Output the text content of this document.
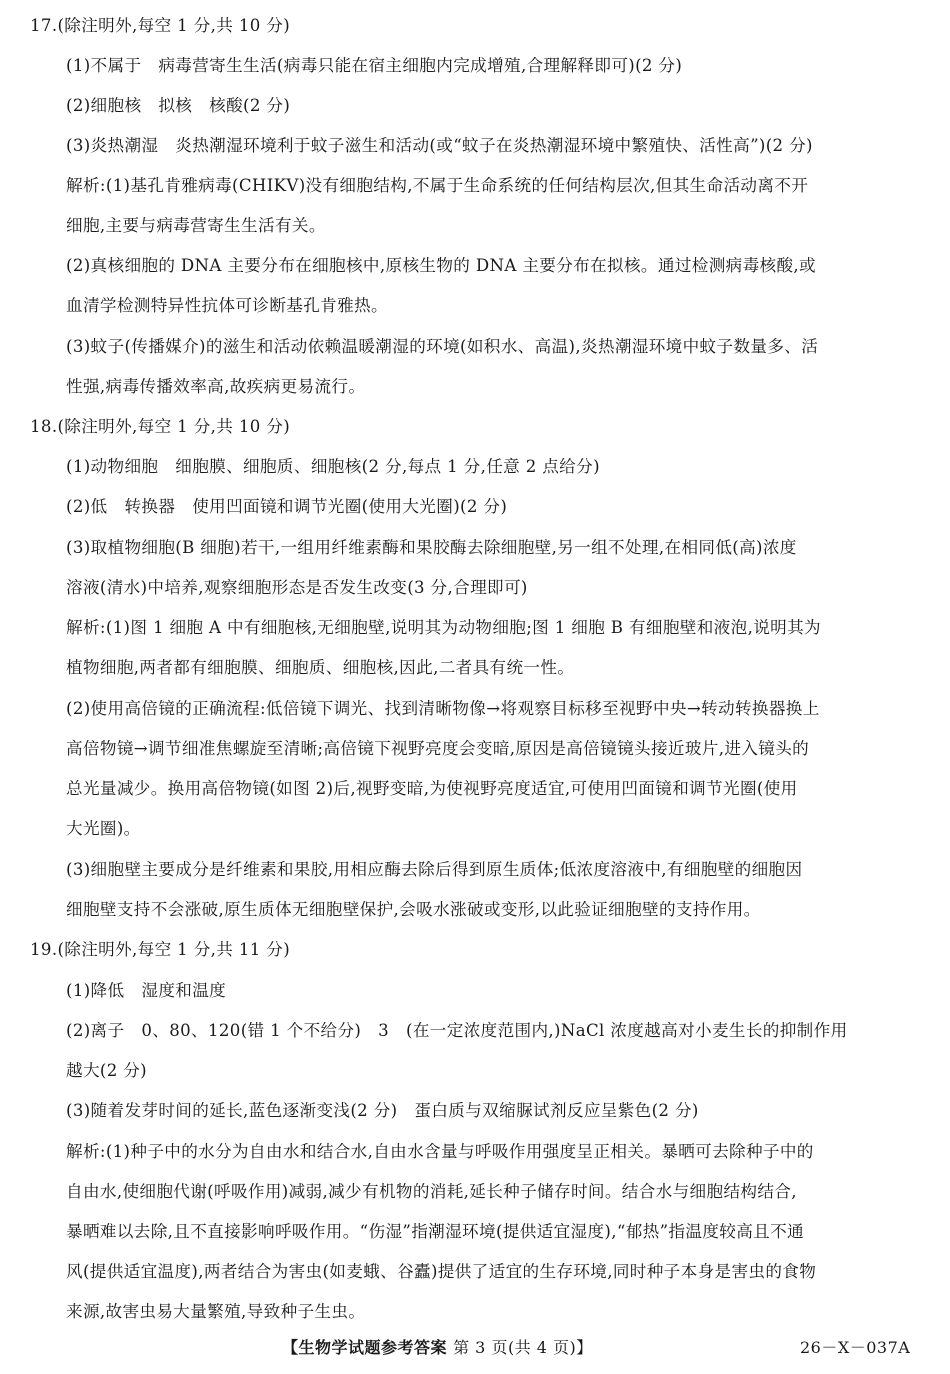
17.(除注明外,每空 1 分,共 10 分)
(1)不属于　病毒营寄生生活(病毒只能在宿主细胞内完成增殖,合理解释即可)(2 分)
(2)细胞核　拟核　核酸(2 分)
(3)炎热潮湿　炎热潮湿环境利于蚊子滋生和活动(或“蚊子在炎热潮湿环境中繁殖快、活性高”)(2 分)
解析:(1)基孔肯雅病毒(CHIKV)没有细胞结构,不属于生命系统的任何结构层次,但其生命活动离不开
细胞,主要与病毒营寄生生活有关。
(2)真核细胞的 DNA 主要分布在细胞核中,原核生物的 DNA 主要分布在拟核。通过检测病毒核酸,或
血清学检测特异性抗体可诊断基孔肯雅热。
(3)蚊子(传播媒介)的滋生和活动依赖温暖潮湿的环境(如积水、高温),炎热潮湿环境中蚊子数量多、活
性强,病毒传播效率高,故疾病更易流行。
18.(除注明外,每空 1 分,共 10 分)
(1)动物细胞　细胞膜、细胞质、细胞核(2 分,每点 1 分,任意 2 点给分)
(2)低　转换器　使用凹面镜和调节光圈(使用大光圈)(2 分)
(3)取植物细胞(B 细胞)若干,一组用纤维素酶和果胶酶去除细胞壁,另一组不处理,在相同低(高)浓度
溶液(清水)中培养,观察细胞形态是否发生改变(3 分,合理即可)
解析:(1)图 1 细胞 A 中有细胞核,无细胞壁,说明其为动物细胞;图 1 细胞 B 有细胞壁和液泡,说明其为
植物细胞,两者都有细胞膜、细胞质、细胞核,因此,二者具有统一性。
(2)使用高倍镜的正确流程:低倍镜下调光、找到清晰物像→将观察目标移至视野中央→转动转换器换上
高倍物镜→调节细准焦螺旋至清晰;高倍镜下视野亮度会变暗,原因是高倍镜镜头接近玻片,进入镜头的
总光量减少。换用高倍物镜(如图 2)后,视野变暗,为使视野亮度适宜,可使用凹面镜和调节光圈(使用
大光圈)。
(3)细胞壁主要成分是纤维素和果胶,用相应酶去除后得到原生质体;低浓度溶液中,有细胞壁的细胞因
细胞壁支持不会涨破,原生质体无细胞壁保护,会吸水涨破或变形,以此验证细胞壁的支持作用。
19.(除注明外,每空 1 分,共 11 分)
(1)降低　湿度和温度
(2)离子　0、80、120(错 1 个不给分)　3　(在一定浓度范围内,)NaCl 浓度越高对小麦生长的抑制作用
越大(2 分)
(3)随着发芽时间的延长,蓝色逐渐变浅(2 分)　蛋白质与双缩脲试剂反应呈紫色(2 分)
解析:(1)种子中的水分为自由水和结合水,自由水含量与呼吸作用强度呈正相关。暴晒可去除种子中的
自由水,使细胞代谢(呼吸作用)减弱,减少有机物的消耗,延长种子储存时间。结合水与细胞结构结合,
暴晒难以去除,且不直接影响呼吸作用。“伤湿”指潮湿环境(提供适宜湿度),“郁热”指温度较高且不通
风(提供适宜温度),两者结合为害虫(如麦蛾、谷蠹)提供了适宜的生存环境,同时种子本身是害虫的食物
来源,故害虫易大量繁殖,导致种子生虫。
【生物学试题参考答案 第 3 页(共 4 页)】	26－X－037A
